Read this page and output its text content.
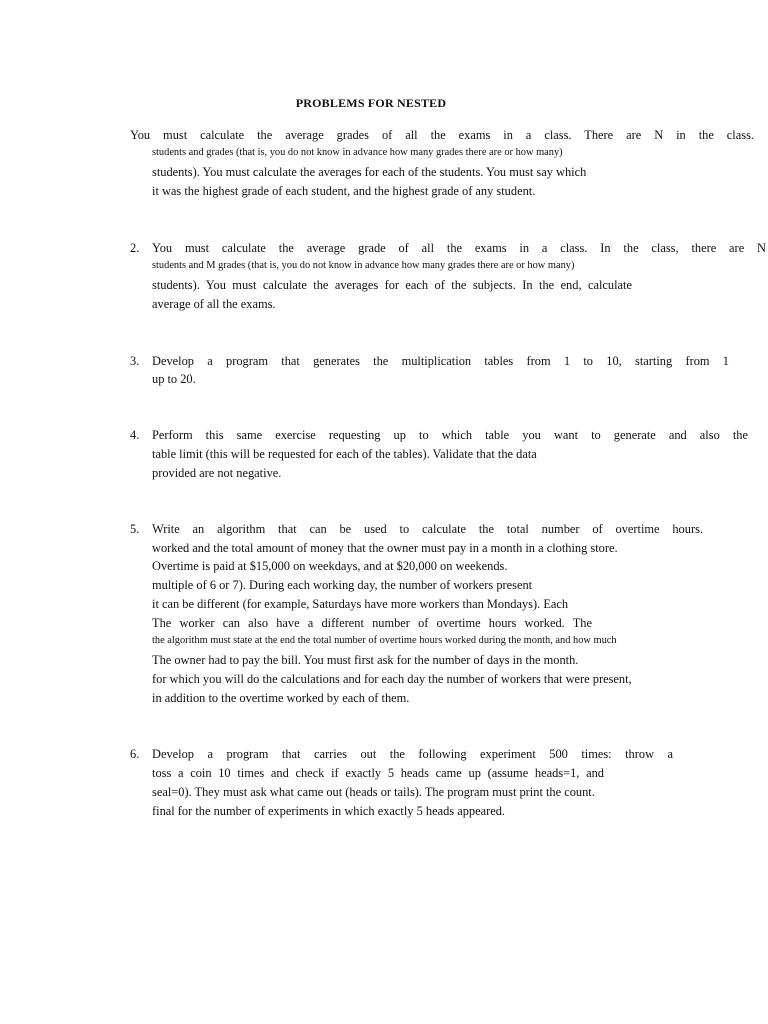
PROBLEMS FOR NESTED
You must calculate the average grades of all the exams in a class. There are N in the class.
students and grades (that is, you do not know in advance how many grades there are or how many)
students). You must calculate the averages for each of the students. You must say which
it was the highest grade of each student, and the highest grade of any student.
2. You must calculate the average grade of all the exams in a class. In the class, there are N
students and M grades (that is, you do not know in advance how many grades there are or how many)
students). You must calculate the averages for each of the subjects. In the end, calculate
average of all the exams.
3. Develop a program that generates the multiplication tables from 1 to 10, starting from 1
up to 20.
4. Perform this same exercise requesting up to which table you want to generate and also the
table limit (this will be requested for each of the tables). Validate that the data
provided are not negative.
5. Write an algorithm that can be used to calculate the total number of overtime hours.
worked and the total amount of money that the owner must pay in a month in a clothing store.
Overtime is paid at $15,000 on weekdays, and at $20,000 on weekends.
multiple of 6 or 7). During each working day, the number of workers present
it can be different (for example, Saturdays have more workers than Mondays). Each
The worker can also have a different number of overtime hours worked. The
the algorithm must state at the end the total number of overtime hours worked during the month, and how much
The owner had to pay the bill. You must first ask for the number of days in the month.
for which you will do the calculations and for each day the number of workers that were present,
in addition to the overtime worked by each of them.
6. Develop a program that carries out the following experiment 500 times: throw a
toss a coin 10 times and check if exactly 5 heads came up (assume heads=1, and
seal=0). They must ask what came out (heads or tails). The program must print the count.
final for the number of experiments in which exactly 5 heads appeared.
